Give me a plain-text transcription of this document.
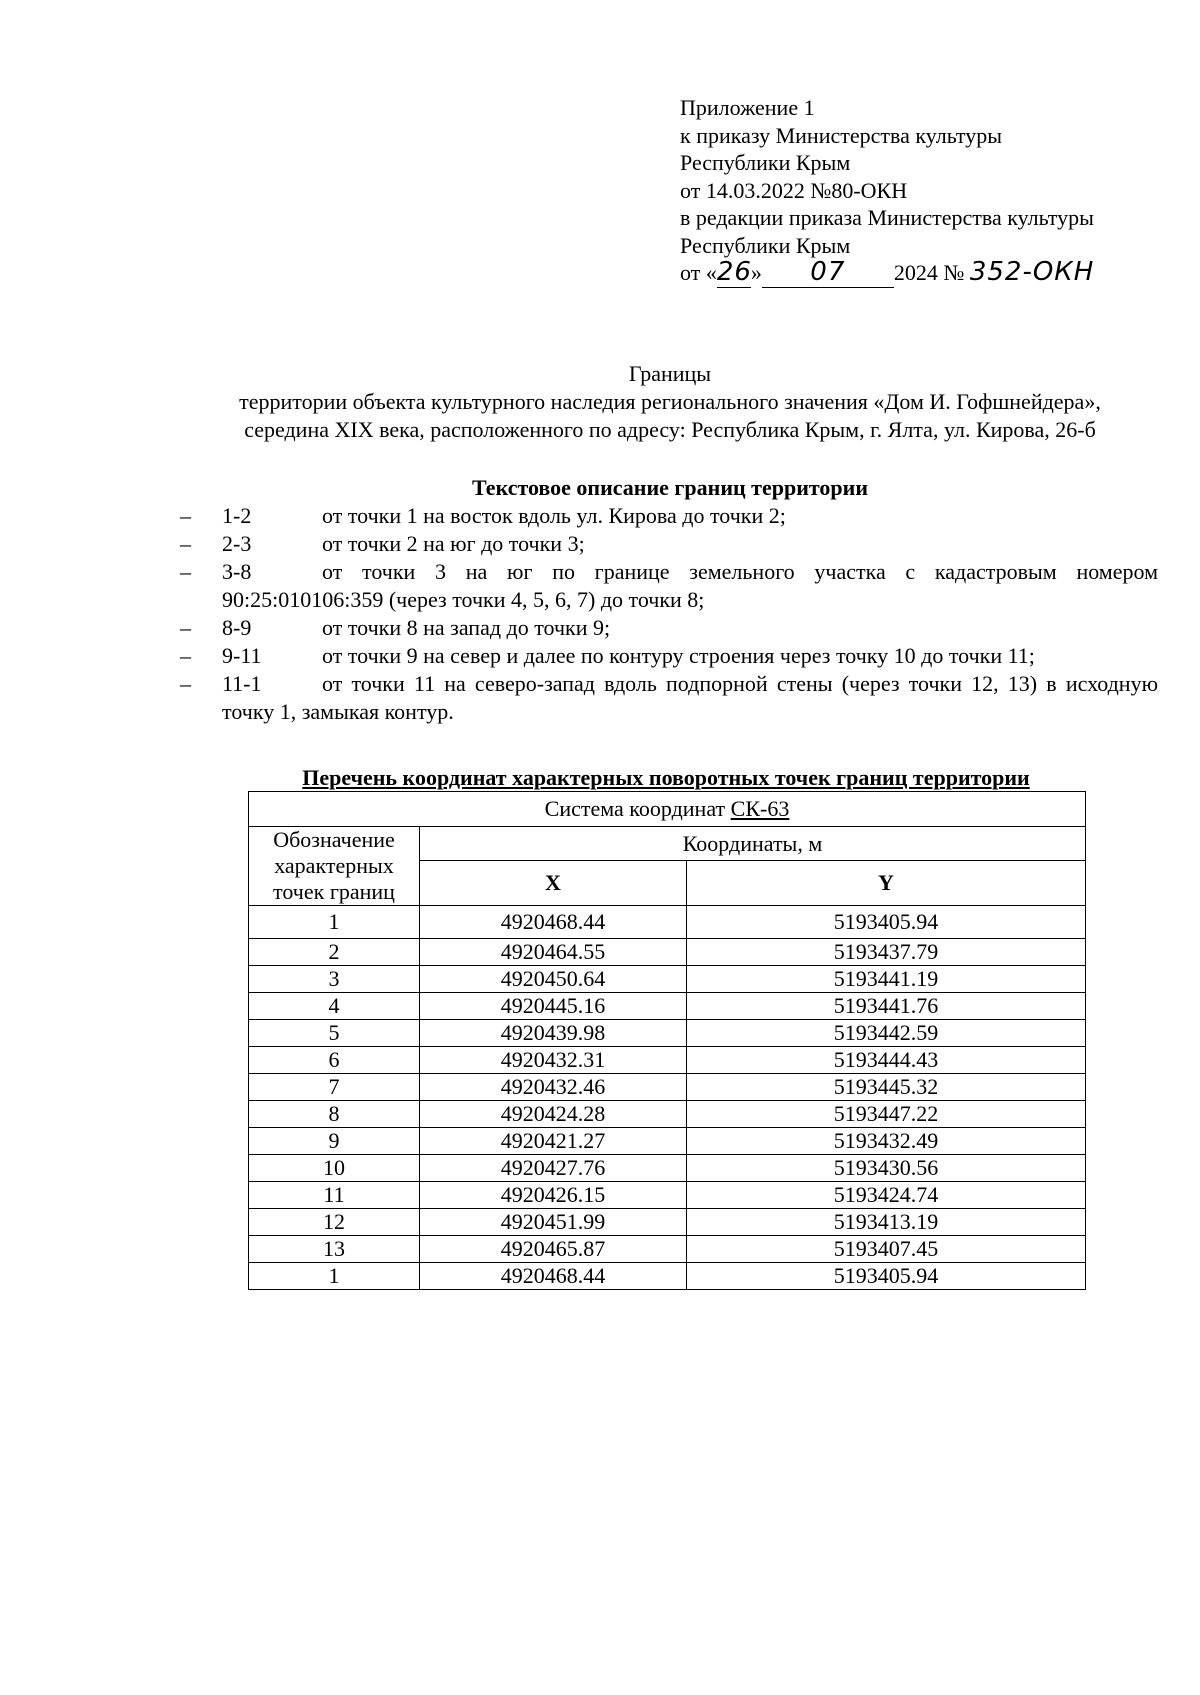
Приложение 1
к приказу Министерства культуры
Республики Крым
от 14.03.2022 №80-ОКН
в редакции приказа Министерства культуры
Республики Крым
от «26» 07 2024 № 352-ОКН
Границы
территории объекта культурного наследия регионального значения «Дом И. Гофшнейдера»,
середина XIX века, расположенного по адресу: Республика Крым, г. Ялта, ул. Кирова, 26-б
Текстовое описание границ территории
– 1-2	от точки 1 на восток вдоль ул. Кирова до точки 2;
– 2-3	от точки 2 на юг до точки 3;
– 3-8	от точки 3 на юг по границе земельного участка с кадастровым номером 90:25:010106:359 (через точки 4, 5, 6, 7) до точки 8;
– 8-9	от точки 8 на запад до точки 9;
– 9-11	от точки 9 на север и далее по контуру строения через точку 10 до точки 11;
– 11-1	от точки 11 на северо-запад вдоль подпорной стены (через точки 12, 13) в исходную точку 1, замыкая контур.
Перечень координат характерных поворотных точек границ территории
Система координат СК-63		
Обозначение характерных точек границ	Координаты, м	
	X	Y
1	4920468.44	5193405.94
2	4920464.55	5193437.79
3	4920450.64	5193441.19
4	4920445.16	5193441.76
5	4920439.98	5193442.59
6	4920432.31	5193444.43
7	4920432.46	5193445.32
8	4920424.28	5193447.22
9	4920421.27	5193432.49
10	4920427.76	5193430.56
11	4920426.15	5193424.74
12	4920451.99	5193413.19
13	4920465.87	5193407.45
1	4920468.44	5193405.94
